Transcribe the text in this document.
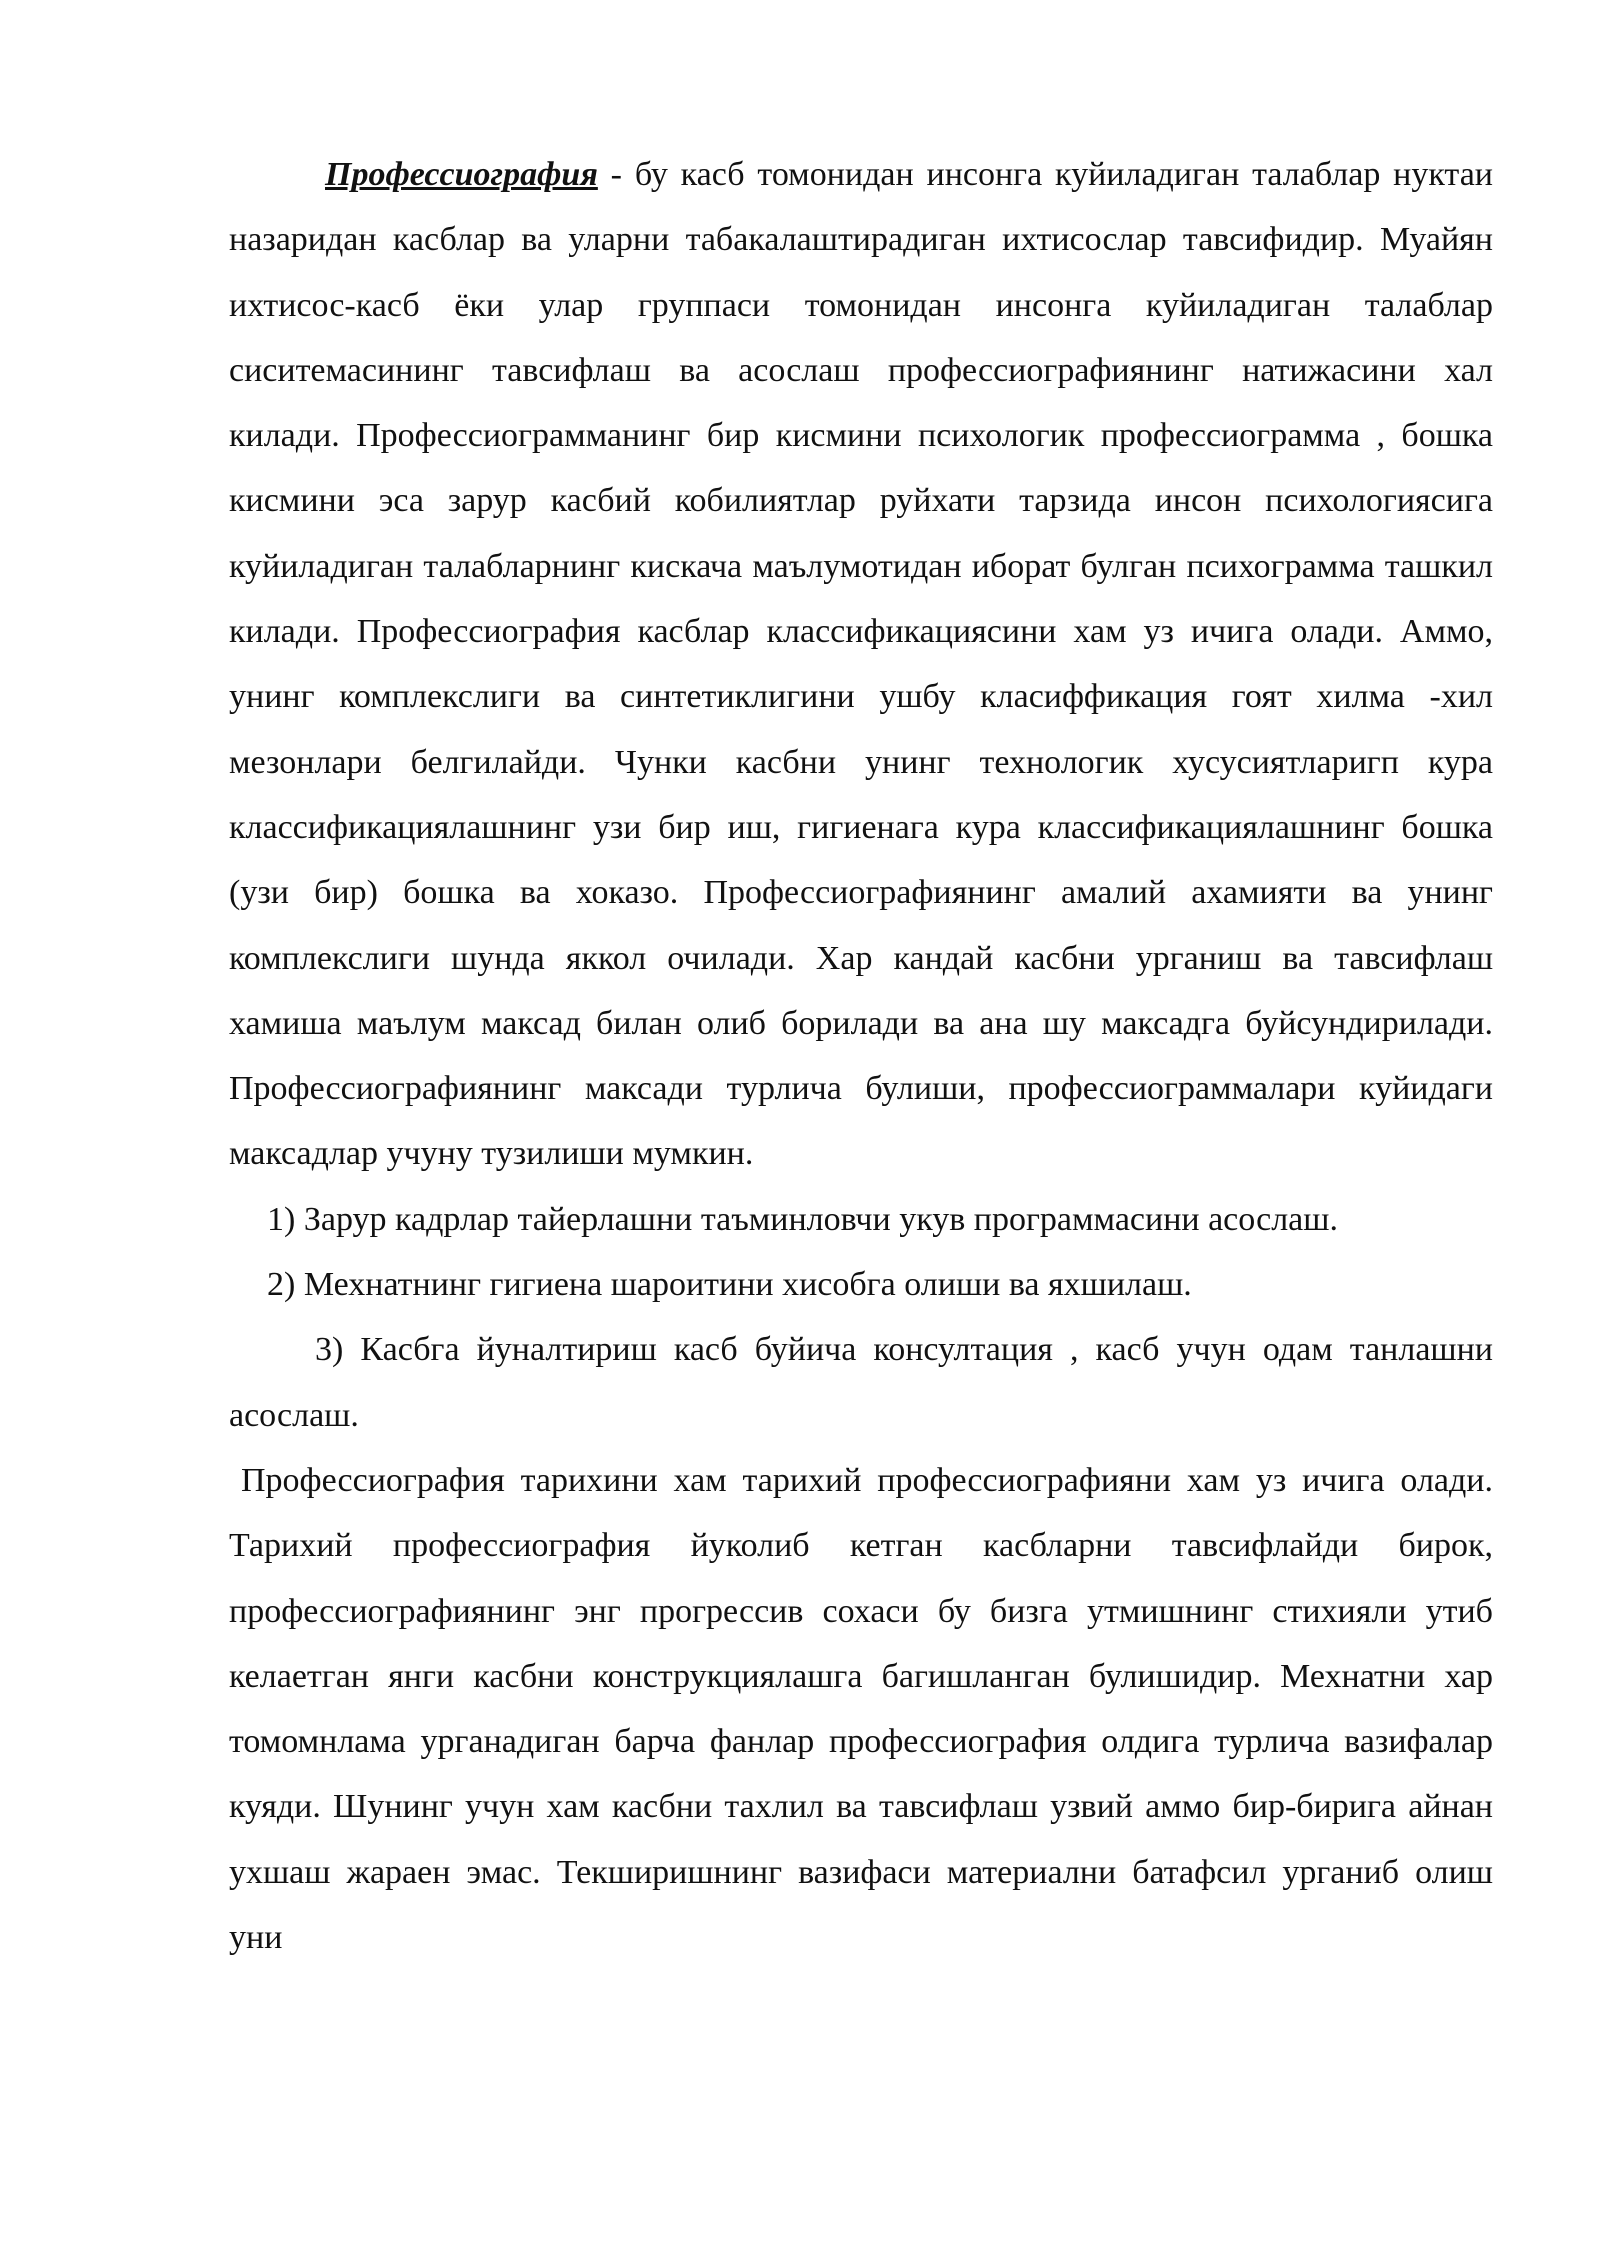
Профессиография - бу касб томонидан инсонга куйиладиган талаблар нуктаи назаридан касблар ва уларни табакалаштирадиган ихтисослар тавсифидир. Муайян ихтисос-касб ёки улар группаси томонидан инсонга куйиладиган талаблар сиситемасининг тавсифлаш ва асослаш профессиографиянинг натижасини хал килади. Профессиограмманинг бир кисмини психологик профессиограмма , бошка кисмини эса зарур касбий кобилиятлар руйхати тарзида инсон психологиясига куйиладиган талабларнинг кискача маълумотидан иборат булган психограмма ташкил килади. Профессиография касблар классификациясини хам уз ичига олади. Аммо, унинг комплекслиги ва синтетиклигини ушбу класиффикация гоят хилма -хил мезонлари белгилайди. Чунки касбни унинг технологик хусусиятларигп кура классификациялашнинг узи бир иш, гигиенага кура классификациялашнинг бошка (узи бир) бошка ва хоказо. Профессиографиянинг амалий ахамияти ва унинг комплекслиги шунда яккол очилади. Хар кандай касбни урганиш ва тавсифлаш хамиша маълум максад билан олиб борилади ва ана шу максадга буйсундирилади. Профессиографиянинг максади турлича булиши, профессиограммалари куйидаги максадлар учуну тузилиши мумкин.

1) Зарур кадрлар тайерлашни таъминловчи укув программасини асослаш.

2) Мехнатнинг гигиена шароитини хисобга олиши ва яхшилаш.

3) Касбга йуналтириш касб буйича консултация , касб учун одам танлашни асослаш.

Профессиография тарихини хам тарихий профессиографияни хам уз ичига олади. Тарихий профессиография йуколиб кетган касбларни тавсифлайди бирок, профессиографиянинг энг прогрессив сохаси бу бизга утмишнинг стихияли утиб келаетган янги касбни конструкциялашга багишланган булишидир. Мехнатни хар томомнлама урганадиган барча фанлар профессиография олдига турлича вазифалар куяди. Шунинг учун хам касбни тахлил ва тавсифлаш узвий аммо бир-бирига айнан ухшаш жараен эмас. Текширишнинг вазифаси материални батафсил урганиб олиш уни
